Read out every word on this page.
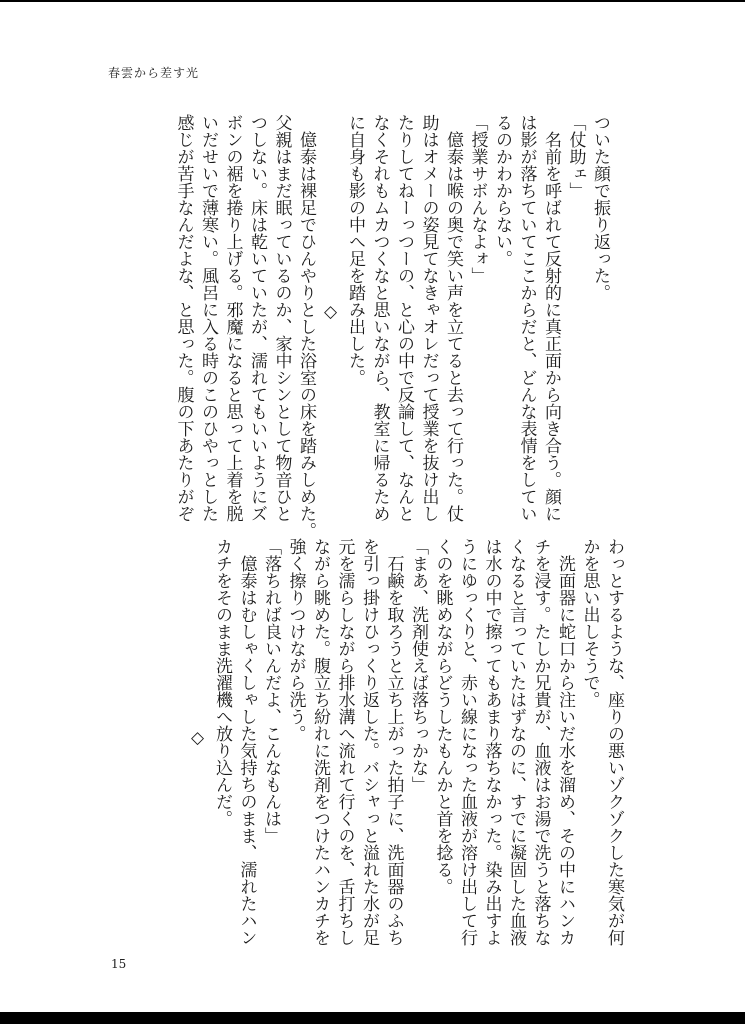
春雲から差す光
ついた顔で振り返った。
「仗助ェ」
　名前を呼ばれて反射的に真正面から向き合う。顔に
は影が落ちていてここからだと、どんな表情をしてい
るのかわからない。
「授業サボんなよォ」
　億泰は喉の奥で笑い声を立てると去って行った。仗
助はオメーの姿見てなきゃオレだって授業を抜け出し
たりしてねーっつーの、と心の中で反論して、なんと
なくそれもムカつくなと思いながら、教室に帰るため
に自身も影の中へ足を踏み出した。
◇
　億泰は裸足でひんやりとした浴室の床を踏みしめた。
父親はまだ眠っているのか、家中シンとして物音ひと
つしない。床は乾いていたが、濡れてもいいようにズ
ボンの裾を捲り上げる。邪魔になると思って上着を脱
いだせいで薄寒い。風呂に入る時のこのひやっとした
感じが苦手なんだよな、と思った。腹の下あたりがぞ
わっとするような、座りの悪いゾクゾクした寒気が何
かを思い出しそうで。
　洗面器に蛇口から注いだ水を溜め、その中にハンカ
チを浸す。たしか兄貴が、血液はお湯で洗うと落ちな
くなると言っていたはずなのに、すでに凝固した血液
は水の中で擦ってもあまり落ちなかった。染み出すよ
うにゆっくりと、赤い線になった血液が溶け出して行
くのを眺めながらどうしたもんかと首を捻る。
「まあ、洗剤使えば落ちっかな」
　石鹸を取ろうと立ち上がった拍子に、洗面器のふち
を引っ掛けひっくり返した。バシャっと溢れた水が足
元を濡らしながら排水溝へ流れて行くのを、舌打ちし
ながら眺めた。腹立ち紛れに洗剤をつけたハンカチを
強く擦りつけながら洗う。
「落ちれば良いんだよ、こんなもんは」
　億泰はむしゃくしゃした気持ちのまま、濡れたハン
カチをそのまま洗濯機へ放り込んだ。
◇
15
